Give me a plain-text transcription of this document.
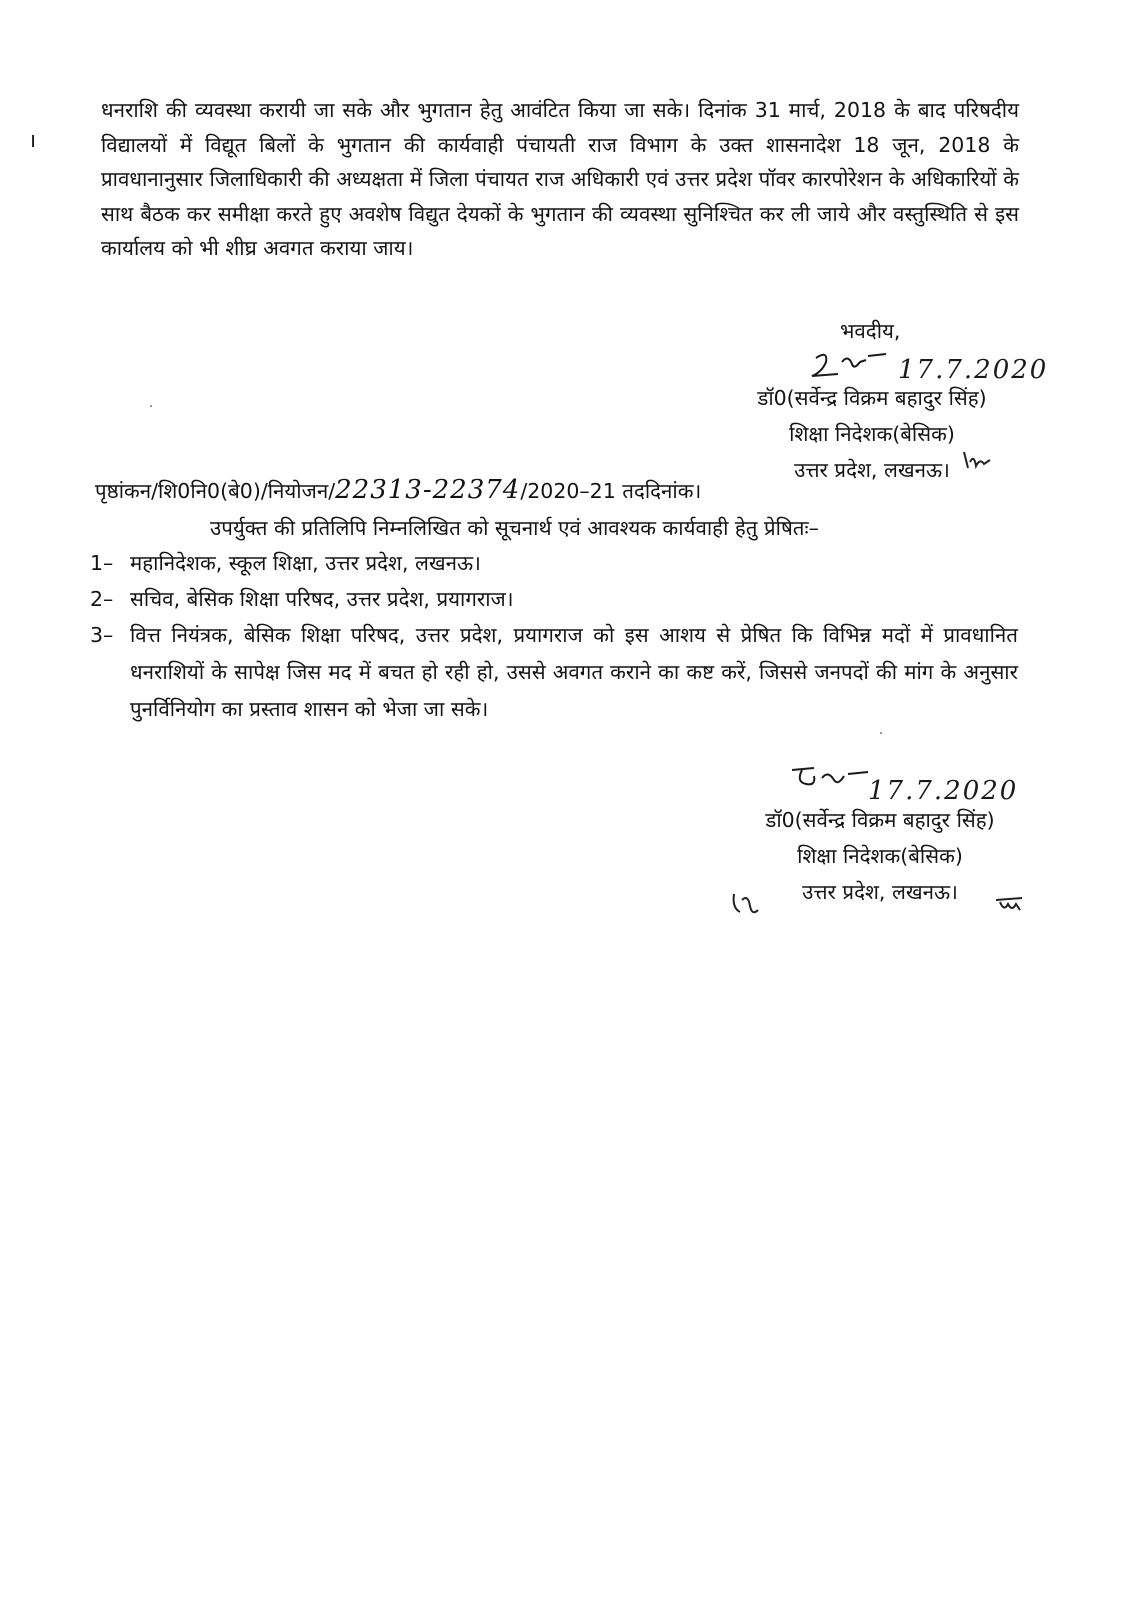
ı

धनराशि की व्यवस्था करायी जा सके और भुगतान हेतु आवंटित किया जा सके। दिनांक 31 मार्च, 2018 के बाद परिषदीय विद्यालयों में विद्यूत बिलों के भुगतान की कार्यवाही पंचायती राज विभाग के उक्त शासनादेश 18 जून, 2018 के प्रावधानानुसार जिलाधिकारी की अध्यक्षता में जिला पंचायत राज अधिकारी एवं उत्तर प्रदेश पॉवर कारपोरेशन के अधिकारियों के साथ बैठक कर समीक्षा करते हुए अवशेष विद्युत देयकों के भुगतान की व्यवस्था सुनिश्चित कर ली जाये और वस्तुस्थिति से इस कार्यालय को भी शीघ्र अवगत कराया जाय।

भवदीय,
17.7.2020
डॉ0(सर्वेन्द्र विक्रम बहादुर सिंह)
शिक्षा निदेशक(बेसिक)
उत्तर प्रदेश, लखनऊ।
पृष्ठांकन/शि0नि0(बे0)/नियोजन/22313-22374/2020–21 तददिनांक।
उपर्युक्त की प्रतिलिपि निम्नलिखित को सूचनार्थ एवं आवश्यक कार्यवाही हेतु प्रेषितः–
1– महानिदेशक, स्कूल शिक्षा, उत्तर प्रदेश, लखनऊ।
2– सचिव, बेसिक शिक्षा परिषद, उत्तर प्रदेश, प्रयागराज।
3– वित्त नियंत्रक, बेसिक शिक्षा परिषद, उत्तर प्रदेश, प्रयागराज को इस आशय से प्रेषित कि विभिन्न मदों में प्रावधानित धनराशियों के सापेक्ष जिस मद में बचत हो रही हो, उससे अवगत कराने का कष्ट करें, जिससे जनपदों की मांग के अनुसार पुनर्विनियोग का प्रस्ताव शासन को भेजा जा सके।
17.7.2020
डॉ0(सर्वेन्द्र विक्रम बहादुर सिंह)
शिक्षा निदेशक(बेसिक)
उत्तर प्रदेश, लखनऊ।
